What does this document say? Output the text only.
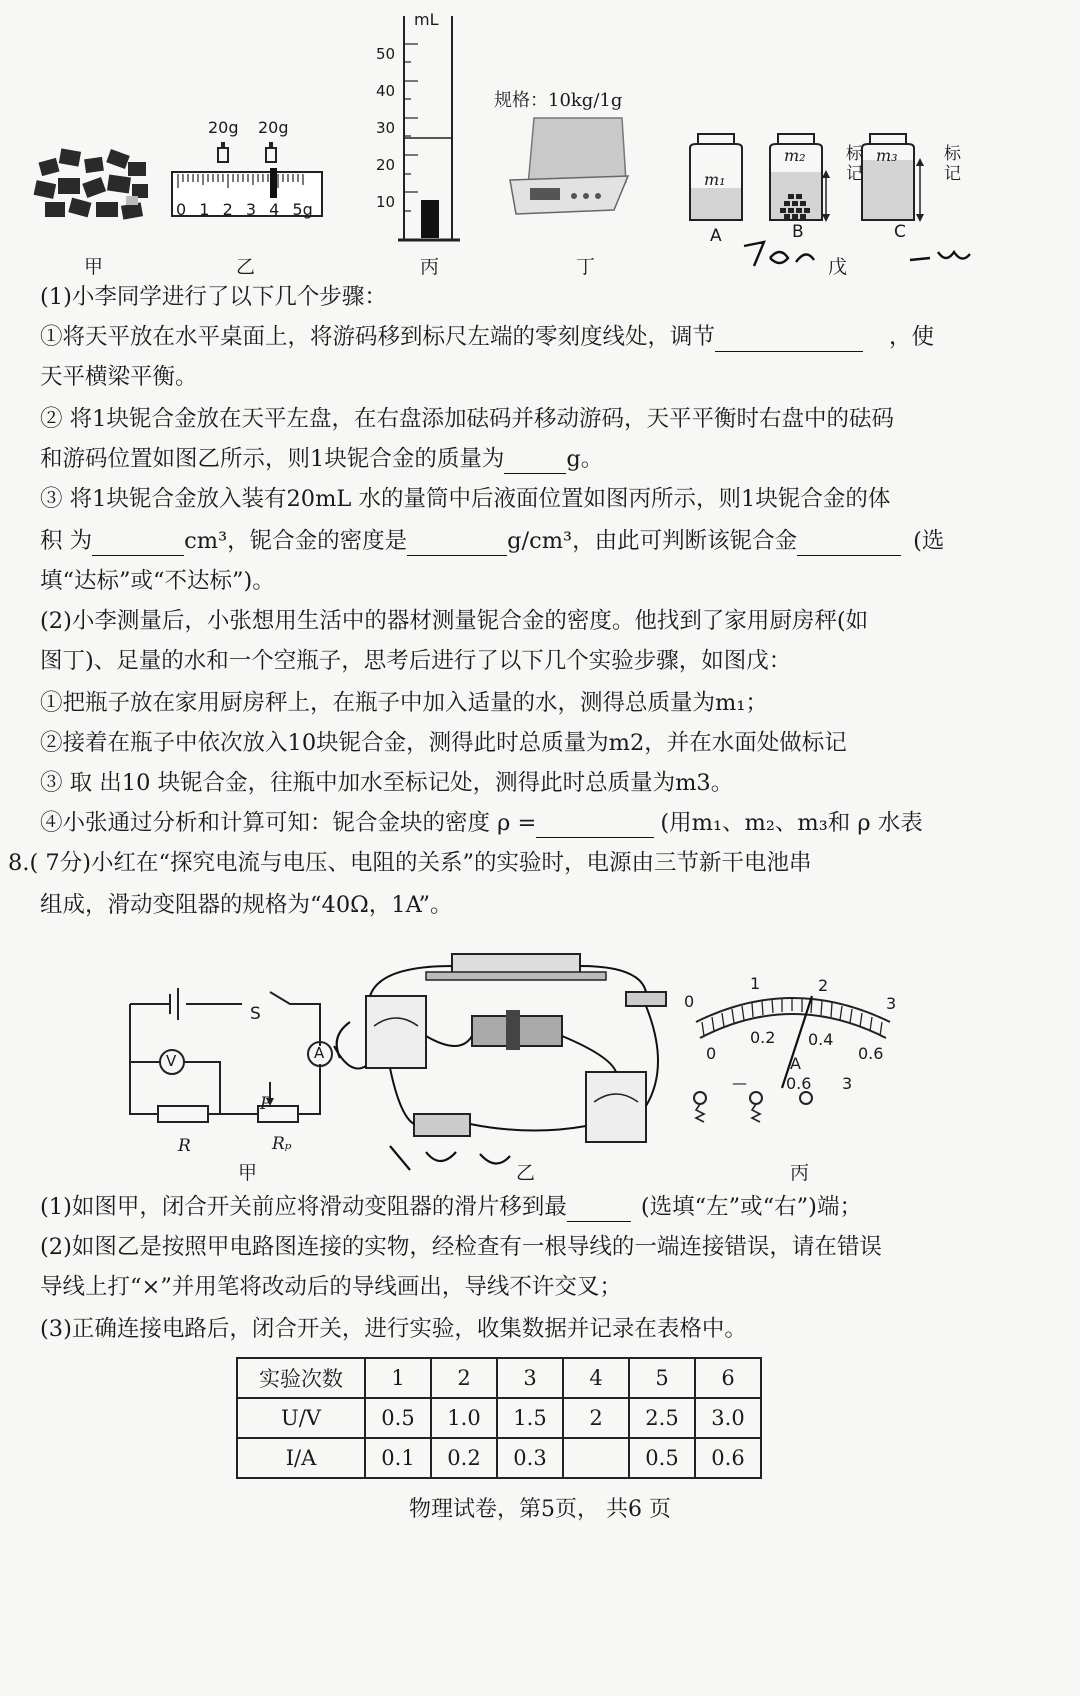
甲
20g 20g
0 1 2 3 4 5g
乙
mL
50
40
30
20
10
丙
规格：10kg/1g
丁
m₁
m₂	m₃
标记
标记
A	B	C
戊
(1)小李同学进行了以下几个步骤：
①将天平放在水平桌面上，将游码移到标尺左端的零刻度线处，调节	，使
天平横梁平衡。
② 将1块铌合金放在天平左盘，在右盘添加砝码并移动游码，天平平衡时右盘中的砝码
和游码位置如图乙所示，则1块铌合金的质量为	g。
③ 将1块铌合金放入装有20mL 水的量筒中后液面位置如图丙所示，则1块铌合金的体
积 为	cm³，铌合金的密度是	g/cm³，由此可判断该铌合金	(选
填“达标”或“不达标”)。
(2)小李测量后，小张想用生活中的器材测量铌合金的密度。他找到了家用厨房秤(如
图丁)、足量的水和一个空瓶子，思考后进行了以下几个实验步骤，如图戊：
①把瓶子放在家用厨房秤上，在瓶子中加入适量的水，测得总质量为m₁；
②接着在瓶子中依次放入10块铌合金，测得此时总质量为m2，并在水面处做标记
③ 取 出10 块铌合金，往瓶中加水至标记处，测得此时总质量为m3。
④小张通过分析和计算可知：铌合金块的密度 ρ =	(用m₁、m₂、m₃和 ρ 水表
8.( 7分)小红在“探究电流与电压、电阻的关系”的实验时，电源由三节新干电池串
组成，滑动变阻器的规格为“40Ω，1A”。
S
V	A
R
P
Rₚ
甲	乙
0
1	2
3
0
0.2 0.4
0.6
A
— 0.6 3
丙
(1)如图甲，闭合开关前应将滑动变阻器的滑片移到最	(选填“左”或“右”)端；
(2)如图乙是按照甲电路图连接的实物，经检查有一根导线的一端连接错误，请在错误
导线上打“×”并用笔将改动后的导线画出，导线不许交叉；
(3)正确连接电路后，闭合开关，进行实验，收集数据并记录在表格中。
实验次数	1	2	3	4	5	6
U/V	0.5	1.0	1.5	2	2.5	3.0
I/A	0.1	0.2	0.3		0.5	0.6
物理试卷，第5页， 共6 页
